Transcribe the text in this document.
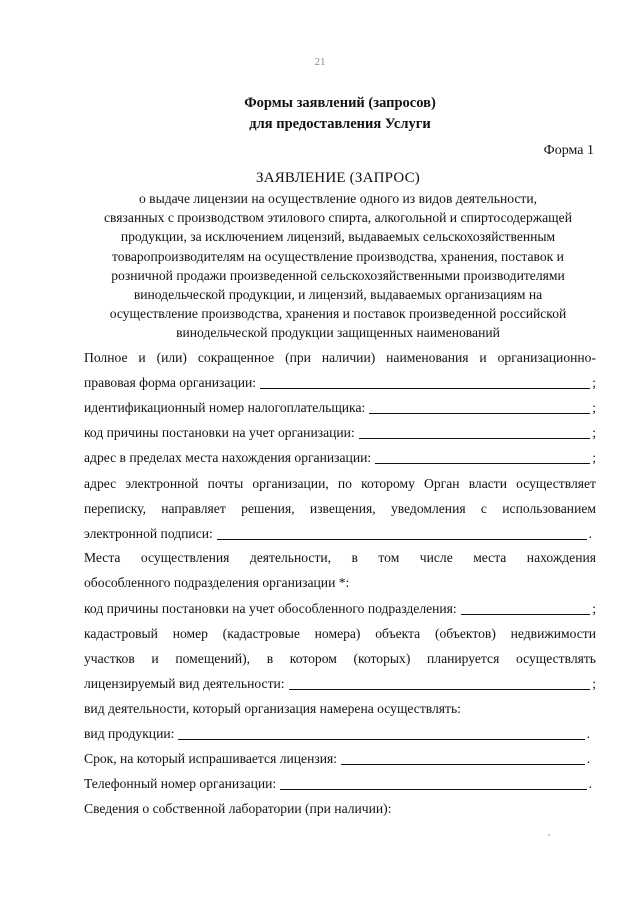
21
Формы заявлений (запросов)
для предоставления Услуги
Форма 1
ЗАЯВЛЕНИЕ (ЗАПРОС)
о выдаче лицензии на осуществление одного из видов деятельности,
связанных с производством этилового спирта, алкогольной и спиртосодержащей
продукции, за исключением лицензий, выдаваемых сельскохозяйственным
товаропроизводителям на осуществление производства, хранения, поставок и
розничной продажи произведенной сельскохозяйственными производителями
винодельческой продукции, и лицензий, выдаваемых организациям на
осуществление производства, хранения и поставок произведенной российской
винодельческой продукции защищенных наименований
Полное и (или) сокращенное (при наличии) наименования и организационно-
правовая форма организации:	;
идентификационный номер налогоплательщика:	;
код причины постановки на учет организации:	;
адрес в пределах места нахождения организации:	;
адрес электронной почты организации, по которому Орган власти осуществляет
переписку, направляет решения, извещения, уведомления с использованием
электронной подписи:	.
Места осуществления деятельности, в том числе места нахождения
обособленного подразделения организации *:
код причины постановки на учет обособленного подразделения:	;
кадастровый номер (кадастровые номера) объекта (объектов) недвижимости
участков и помещений), в котором (которых) планируется осуществлять
лицензируемый вид деятельности:	;
вид деятельности, который организация намерена осуществлять:
вид продукции:	.
Срок, на который испрашивается лицензия:	.
Телефонный номер организации:	.
Сведения о собственной лаборатории (при наличии):
